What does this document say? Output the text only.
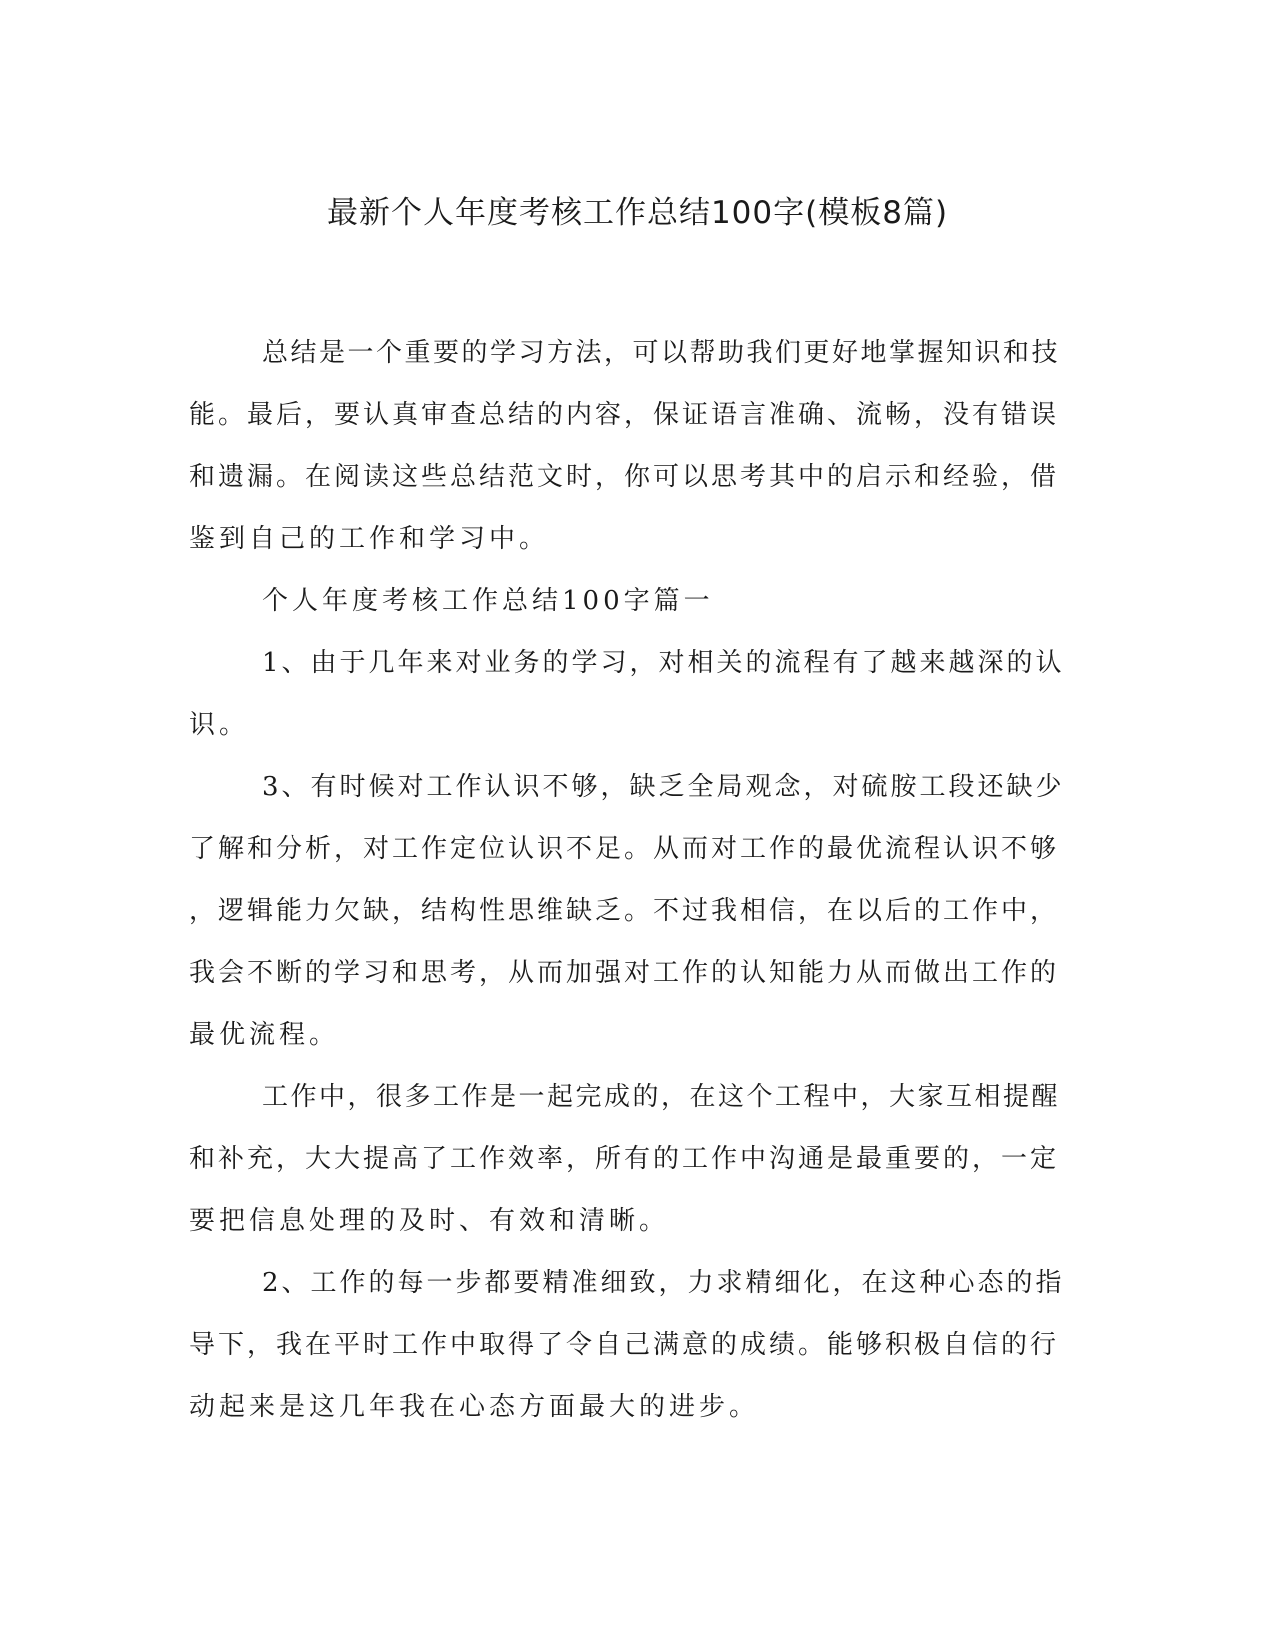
最新个人年度考核工作总结100字(模板8篇)
总结是一个重要的学习方法，可以帮助我们更好地掌握知识和技
能。最后，要认真审查总结的内容，保证语言准确、流畅，没有错误
和遗漏。在阅读这些总结范文时，你可以思考其中的启示和经验，借
鉴到自己的工作和学习中。
个人年度考核工作总结100字篇一
1、由于几年来对业务的学习，对相关的流程有了越来越深的认
识。
3、有时候对工作认识不够，缺乏全局观念，对硫胺工段还缺少
了解和分析，对工作定位认识不足。从而对工作的最优流程认识不够
，逻辑能力欠缺，结构性思维缺乏。不过我相信，在以后的工作中，
我会不断的学习和思考，从而加强对工作的认知能力从而做出工作的
最优流程。
工作中，很多工作是一起完成的，在这个工程中，大家互相提醒
和补充，大大提高了工作效率，所有的工作中沟通是最重要的，一定
要把信息处理的及时、有效和清晰。
2、工作的每一步都要精准细致，力求精细化，在这种心态的指
导下，我在平时工作中取得了令自己满意的成绩。能够积极自信的行
动起来是这几年我在心态方面最大的进步。
